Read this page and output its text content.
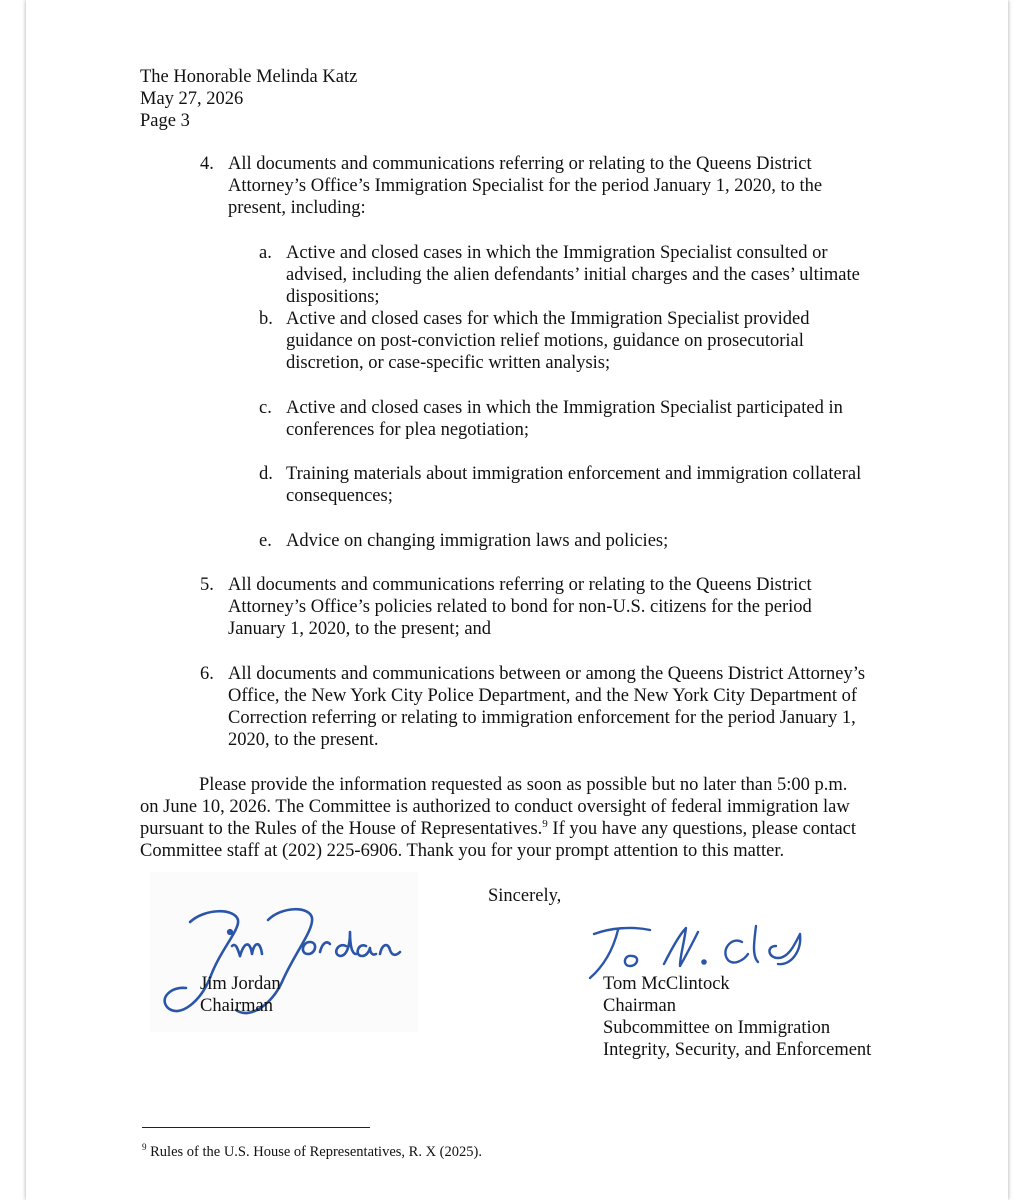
The Honorable Melinda Katz
May 27, 2026
Page 3
4. All documents and communications referring or relating to the Queens District
Attorney’s Office’s Immigration Specialist for the period January 1, 2020, to the
present, including:
a. Active and closed cases in which the Immigration Specialist consulted or
advised, including the alien defendants’ initial charges and the cases’ ultimate
dispositions;
b. Active and closed cases for which the Immigration Specialist provided
guidance on post-conviction relief motions, guidance on prosecutorial
discretion, or case-specific written analysis;
c. Active and closed cases in which the Immigration Specialist participated in
conferences for plea negotiation;
d. Training materials about immigration enforcement and immigration collateral
consequences;
e. Advice on changing immigration laws and policies;
5. All documents and communications referring or relating to the Queens District
Attorney’s Office’s policies related to bond for non-U.S. citizens for the period
January 1, 2020, to the present; and
6. All documents and communications between or among the Queens District Attorney’s
Office, the New York City Police Department, and the New York City Department of
Correction referring or relating to immigration enforcement for the period January 1,
2020, to the present.
Please provide the information requested as soon as possible but no later than 5:00 p.m.
on June 10, 2026. The Committee is authorized to conduct oversight of federal immigration law
pursuant to the Rules of the House of Representatives.$^9$ If you have any questions, please contact
Committee staff at (202) 225-6906. Thank you for your prompt attention to this matter.
Sincerely,
Jim Jordan
Chairman
Tom McClintock
Chairman
Subcommittee on Immigration
Integrity, Security, and Enforcement
$^9$ Rules of the U.S. House of Representatives, R. X (2025).
